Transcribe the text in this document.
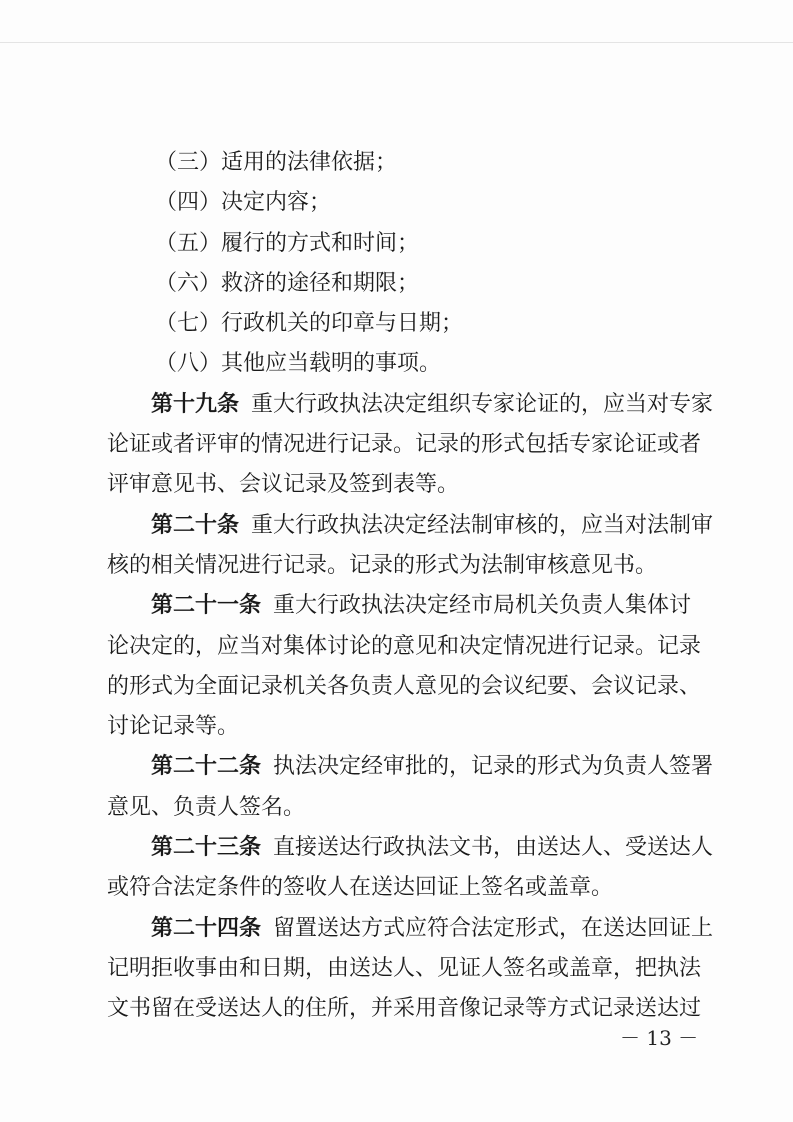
（三）适用的法律依据；
（四）决定内容；
（五）履行的方式和时间；
（六）救济的途径和期限；
（七）行政机关的印章与日期；
（八）其他应当载明的事项。
第十九条 重大行政执法决定组织专家论证的，应当对专家
论证或者评审的情况进行记录。记录的形式包括专家论证或者
评审意见书、会议记录及签到表等。
第二十条 重大行政执法决定经法制审核的，应当对法制审
核的相关情况进行记录。记录的形式为法制审核意见书。
第二十一条 重大行政执法决定经市局机关负责人集体讨
论决定的，应当对集体讨论的意见和决定情况进行记录。记录
的形式为全面记录机关各负责人意见的会议纪要、会议记录、
讨论记录等。
第二十二条 执法决定经审批的，记录的形式为负责人签署
意见、负责人签名。
第二十三条 直接送达行政执法文书，由送达人、受送达人
或符合法定条件的签收人在送达回证上签名或盖章。
第二十四条 留置送达方式应符合法定形式，在送达回证上
记明拒收事由和日期，由送达人、见证人签名或盖章，把执法
文书留在受送达人的住所，并采用音像记录等方式记录送达过
－ 13 －
